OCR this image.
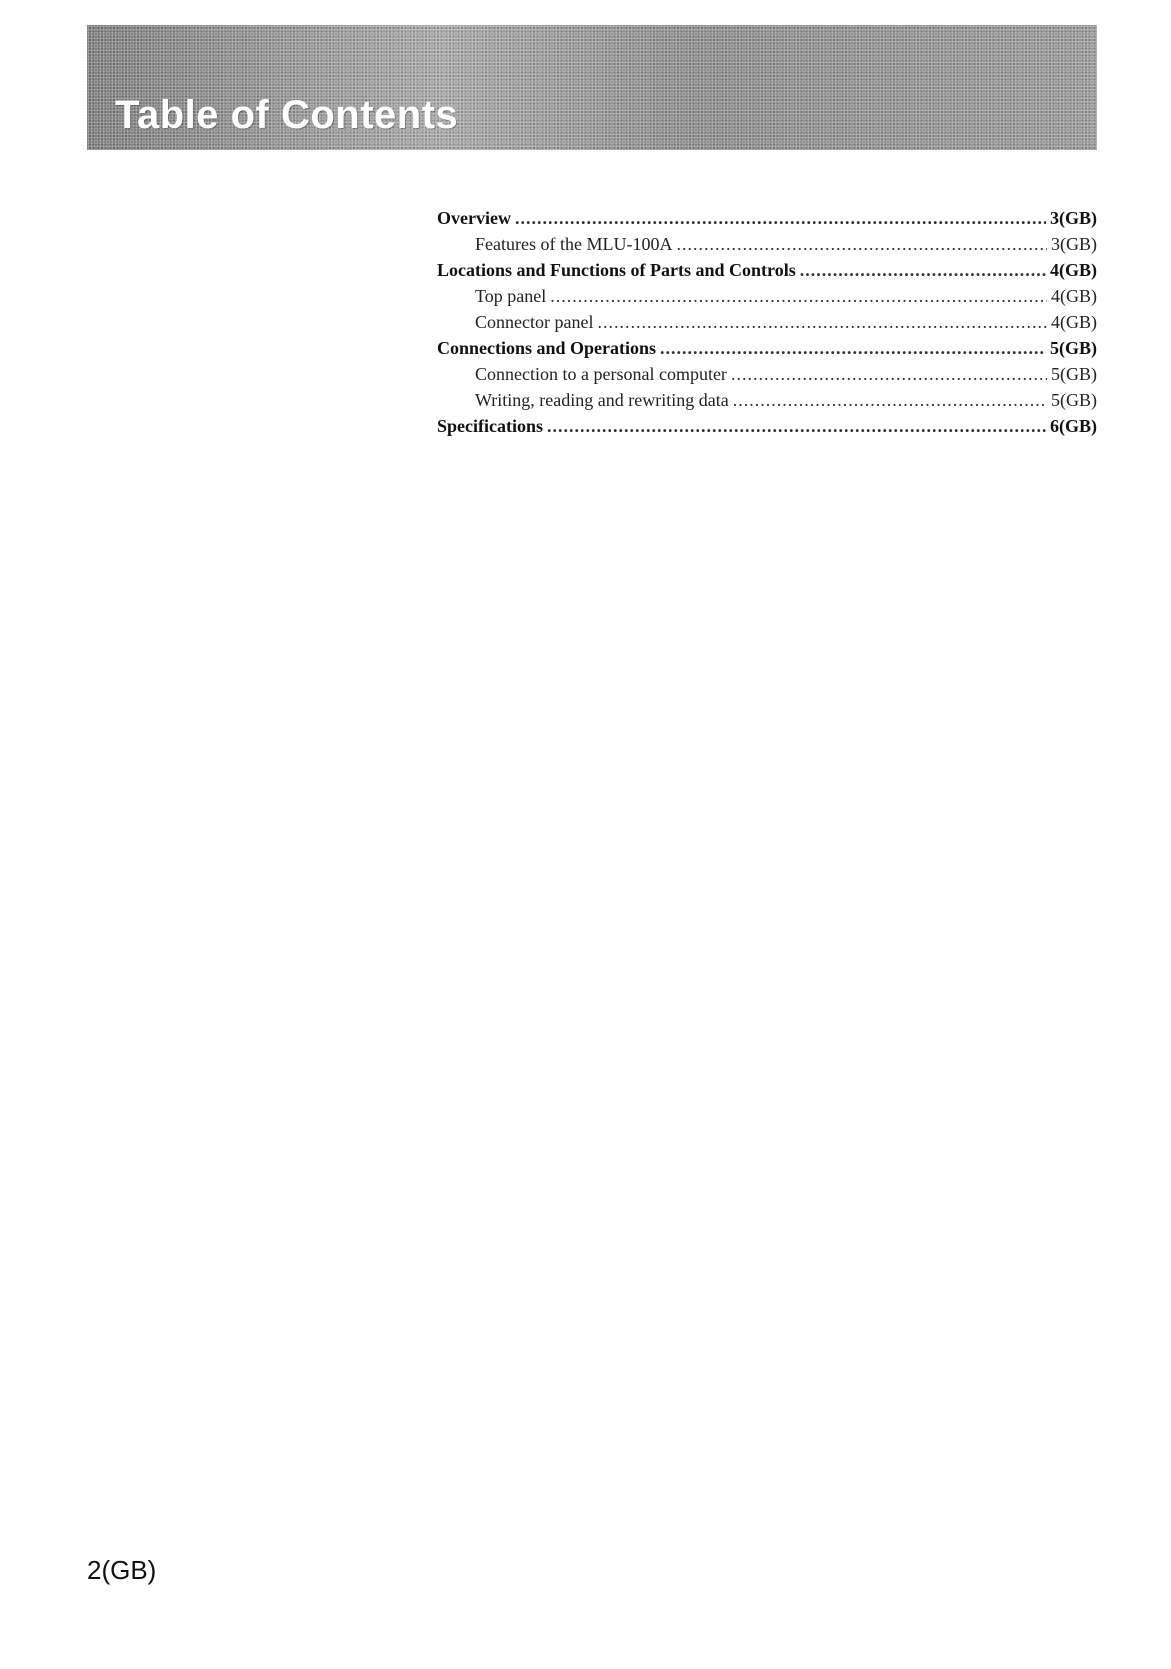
Table of Contents
Overview .....	3(GB)
Features of the MLU-100A .....	3(GB)
Locations and Functions of Parts and Controls .....	4(GB)
Top panel .....	4(GB)
Connector panel .....	4(GB)
Connections and Operations .....	5(GB)
Connection to a personal computer .....	5(GB)
Writing, reading and rewriting data .....	5(GB)
Specifications .....	6(GB)
2(GB)
